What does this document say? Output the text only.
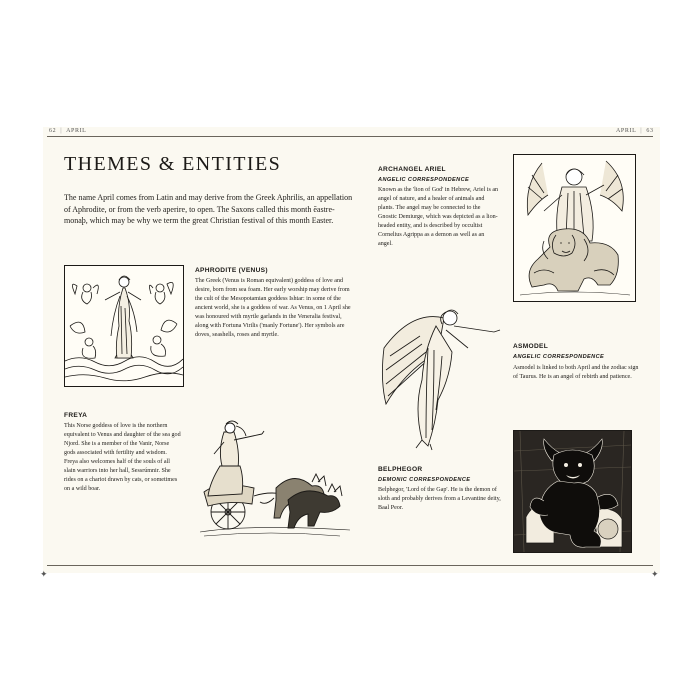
✦	✦
62 | APRIL	APRIL | 63
THEMES & ENTITIES

The name April comes from Latin and may derive from the Greek Aphrilis, an appellation of Aphrodite, or from the verb aperire, to open. The Saxons called this month ēastre-monaþ, which may be why we term the great Christian festival of this month Easter.

APHRODITE (VENUS)

The Greek (Venus is Roman equivalent) goddess of love and desire, born from sea foam. Her early worship may derive from the cult of the Mesopotamian goddess Ishtar: in some of the ancient world, she is a goddess of war. As Venus, on 1 April she was honoured with myrtle garlands in the Veneralia festival, along with Fortuna Virilis ('manly Fortune'). Her symbols are doves, seashells, roses and myrtle.

FREYA

This Norse goddess of love is the northern equivalent to Venus and daughter of the sea god Njord. She is a member of the Vanir, Norse gods associated with fertility and wisdom. Freya also welcomes half of the souls of all slain warriors into her hall, Sessrúmnir. She rides on a chariot drawn by cats, or sometimes on a wild boar.

ARCHANGEL ARIEL
ANGELIC CORRESPONDENCE

Known as the 'lion of God' in Hebrew, Ariel is an angel of nature, and a healer of animals and plants. The angel may be connected to the Gnostic Demiurge, which was depicted as a lion-headed entity, and is described by occultist Cornelius Agrippa as a demon as well as an angel.

ASMODEL
ANGELIC CORRESPONDENCE

Asmodel is linked to both April and the zodiac sign of Taurus. He is an angel of rebirth and patience.

BELPHEGOR
DEMONIC CORRESPONDENCE

Belphegor, 'Lord of the Gap'. He is the demon of sloth and probably derives from a Levantine deity, Baal Peor.
